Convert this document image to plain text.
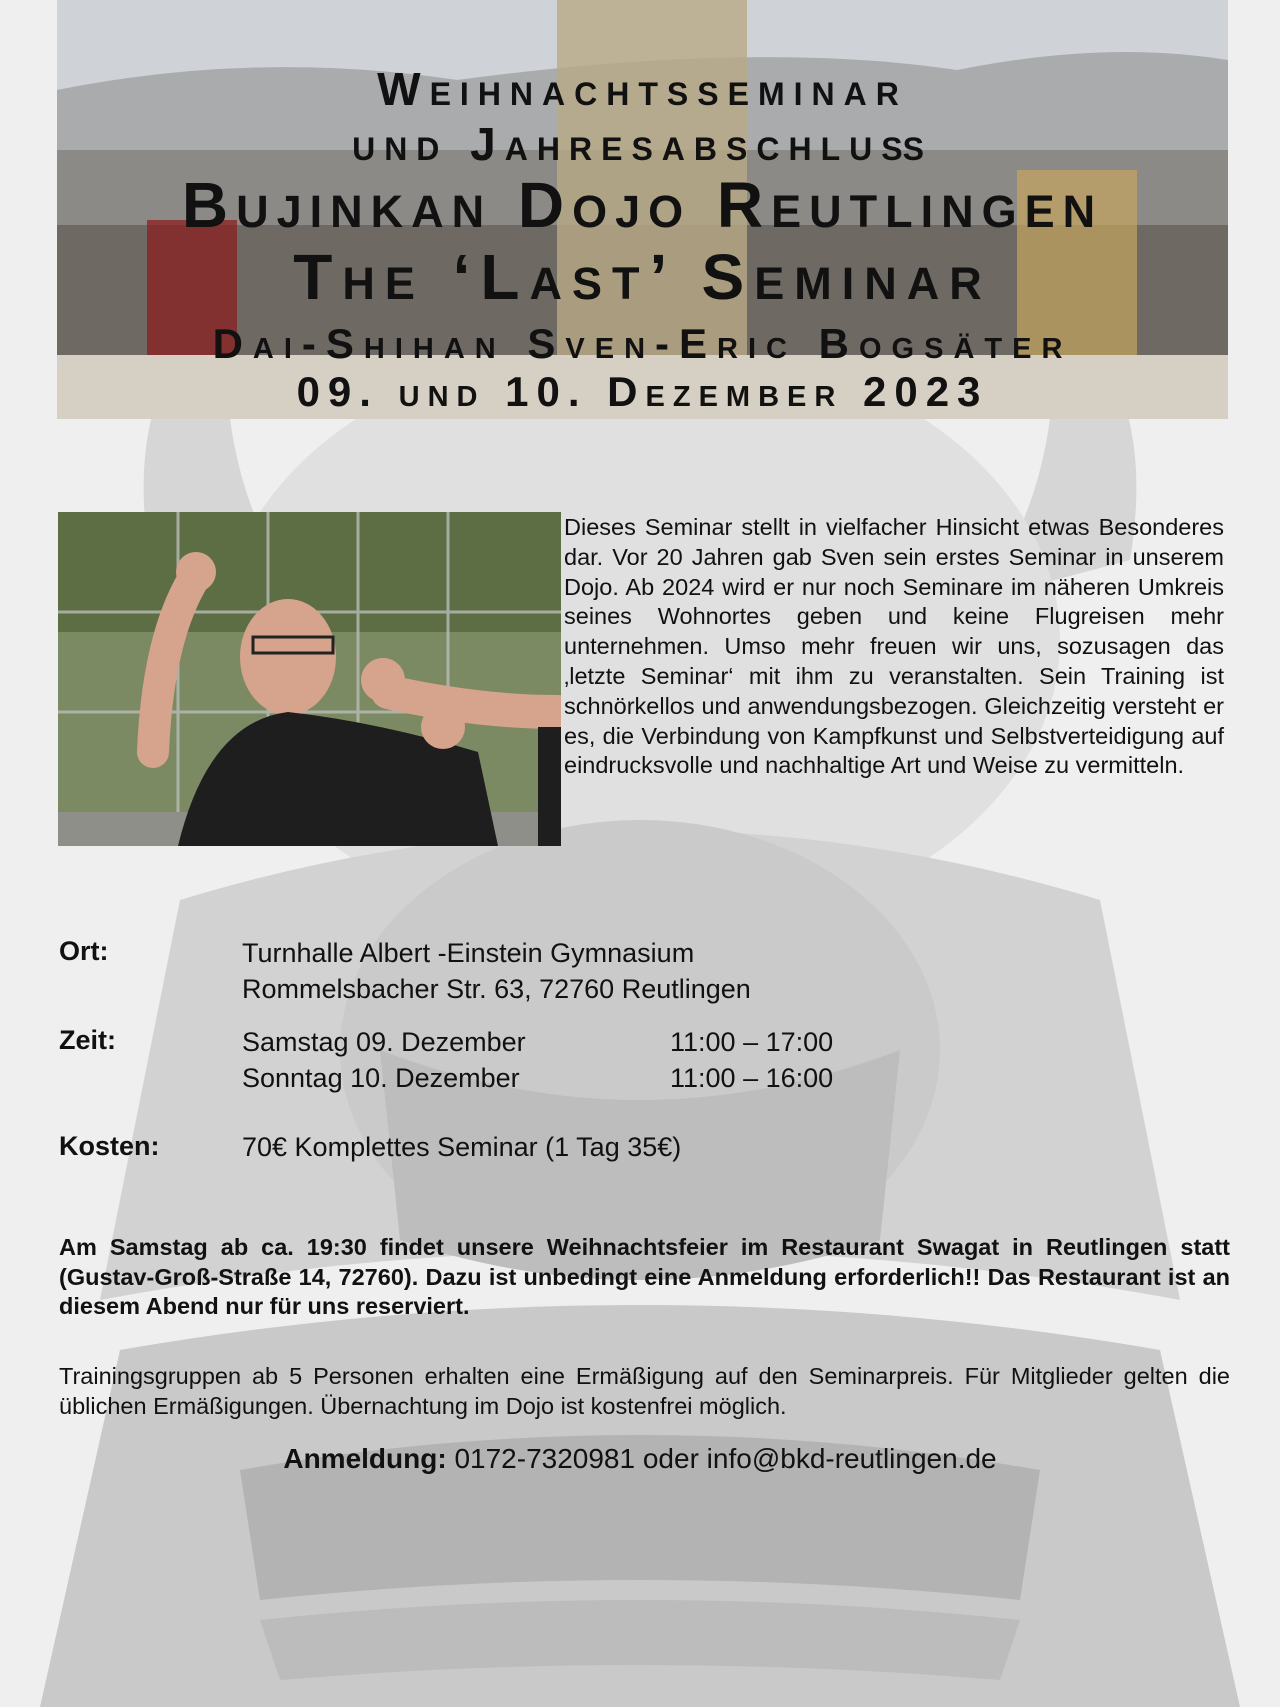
Weihnachtsseminar
und Jahresabschluß
Bujinkan Dojo Reutlingen
The ‘Last’ Seminar
Dai-Shihan Sven-Eric Bogsäter
09. und 10. Dezember 2023
Dieses Seminar stellt in vielfacher Hinsicht etwas Besonderes dar. Vor 20 Jahren gab Sven sein erstes Seminar in unserem Dojo. Ab 2024 wird er nur noch Seminare im näheren Umkreis seines Wohnortes geben und keine Flugreisen mehr unternehmen. Umso mehr freuen wir uns, sozusagen das ‚letzte Seminar‘ mit ihm zu veranstalten. Sein Training ist schnörkellos und anwendungsbezogen. Gleichzeitig versteht er es, die Verbindung von Kampfkunst und Selbstverteidigung auf eindrucksvolle und nachhaltige Art und Weise zu vermitteln.
Ort:	Turnhalle Albert -Einstein Gymnasium
Rommelsbacher Str. 63, 72760 Reutlingen
Zeit:	Samstag 09. Dezember	11:00 – 17:00
Sonntag 10. Dezember	11:00 – 16:00
Kosten:	70€ Komplettes Seminar (1 Tag 35€)
Am Samstag ab ca. 19:30 findet unsere Weihnachtsfeier im Restaurant Swagat in Reutlingen statt (Gustav-Groß-Straße 14, 72760). Dazu ist unbedingt eine Anmeldung erforderlich!! Das Restaurant ist an diesem Abend nur für uns reserviert.
Trainingsgruppen ab 5 Personen erhalten eine Ermäßigung auf den Seminarpreis. Für Mitglieder gelten die üblichen Ermäßigungen. Übernachtung im Dojo ist kostenfrei möglich.
Anmeldung: 0172-7320981 oder info@bkd-reutlingen.de
